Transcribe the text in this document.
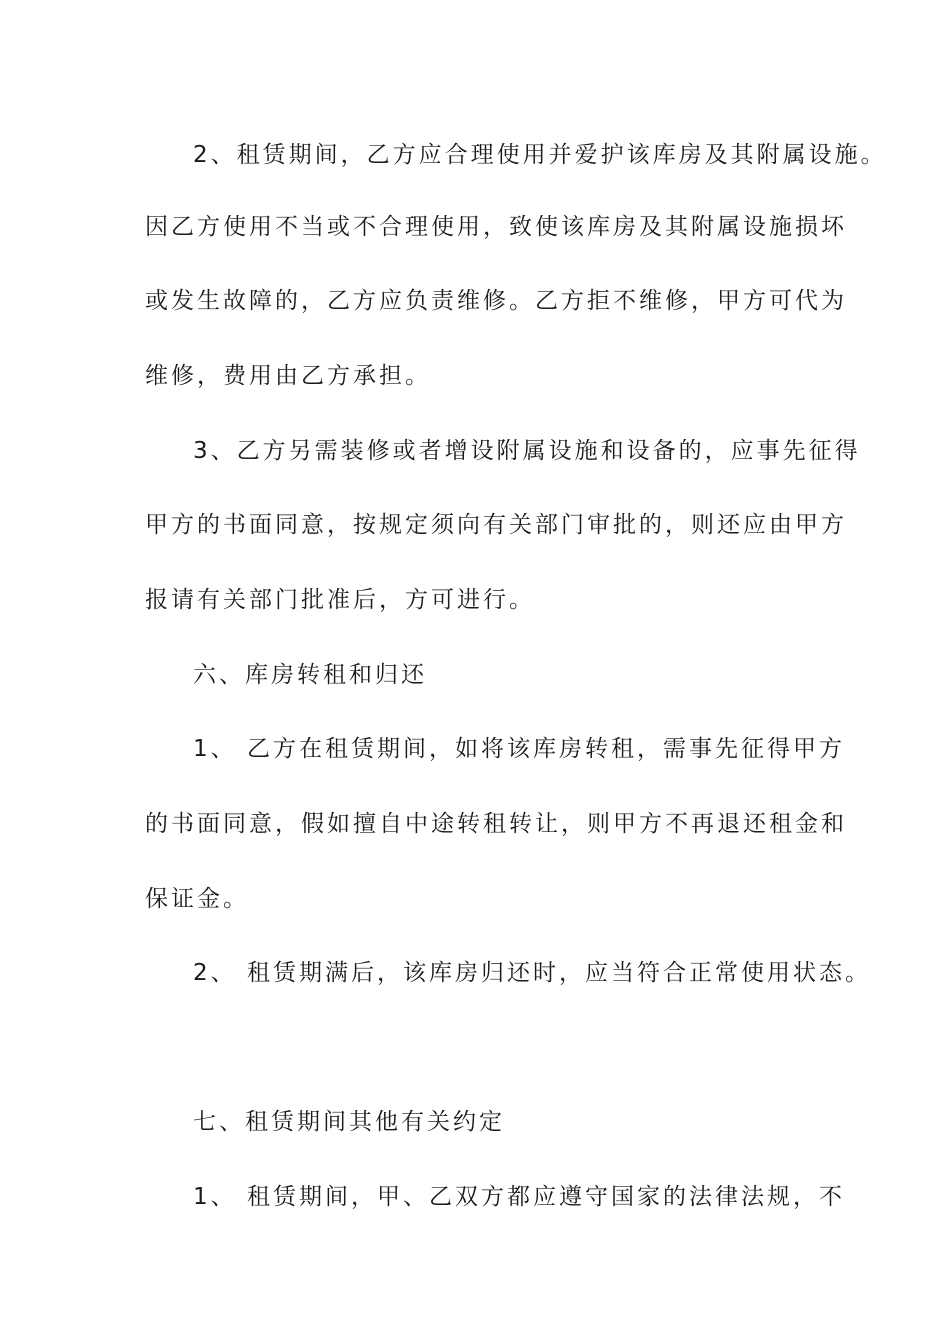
2、租赁期间，乙方应合理使用并爱护该库房及其附属设施。
因乙方使用不当或不合理使用，致使该库房及其附属设施损坏
或发生故障的，乙方应负责维修。乙方拒不维修，甲方可代为
维修，费用由乙方承担。
3、乙方另需装修或者增设附属设施和设备的，应事先征得
甲方的书面同意，按规定须向有关部门审批的，则还应由甲方
报请有关部门批准后，方可进行。
六、库房转租和归还
1、 乙方在租赁期间，如将该库房转租，需事先征得甲方
的书面同意，假如擅自中途转租转让，则甲方不再退还租金和
保证金。
2、 租赁期满后，该库房归还时，应当符合正常使用状态。
七、租赁期间其他有关约定
1、 租赁期间，甲、乙双方都应遵守国家的法律法规，不
